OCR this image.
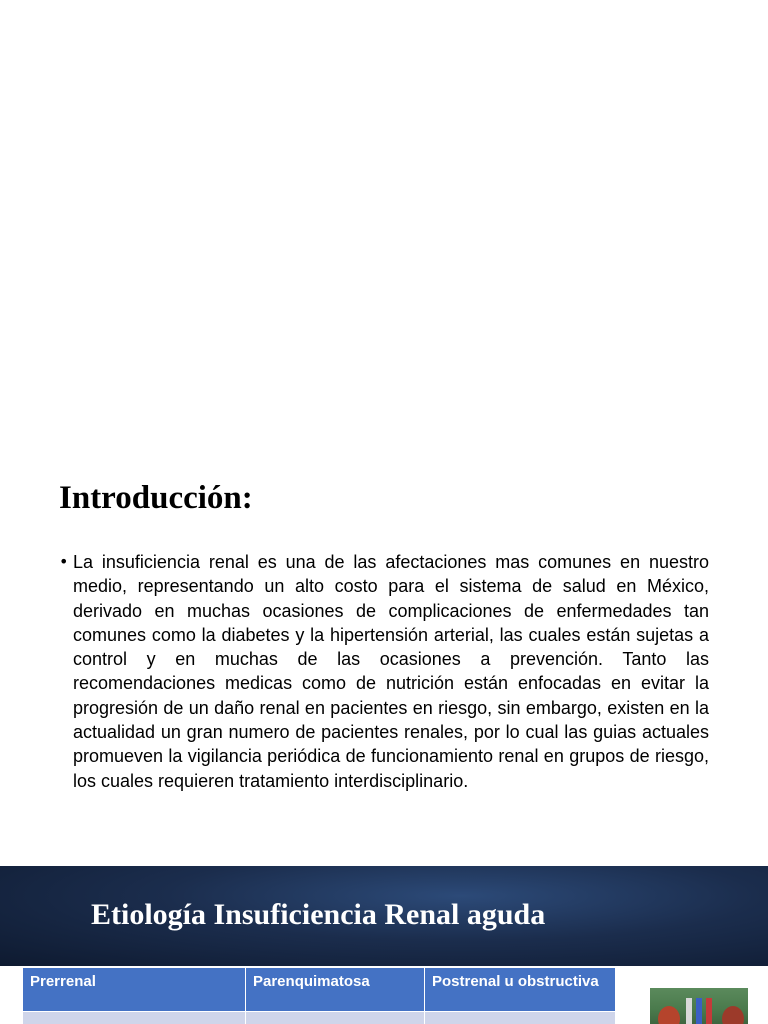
Introducción:
• La insuficiencia renal es una de las afectaciones mas comunes en nuestro medio, representando un alto costo para el sistema de salud en México, derivado en muchas ocasiones de complicaciones de enfermedades tan comunes como la diabetes y la hipertensión arterial, las cuales están sujetas a control y en muchas de las ocasiones a prevención. Tanto las recomendaciones medicas como de nutrición están enfocadas en evitar la progresión de un daño renal en pacientes en riesgo, sin embargo, existen en la actualidad un gran numero de pacientes renales, por lo cual las guias actuales promueven la vigilancia periódica de funcionamiento renal en grupos de riesgo, los cuales requieren tratamiento interdisciplinario.

Etiología Insuficiencia Renal aguda
Prerrenal	Parenquimatosa	Postrenal u obstructiva
